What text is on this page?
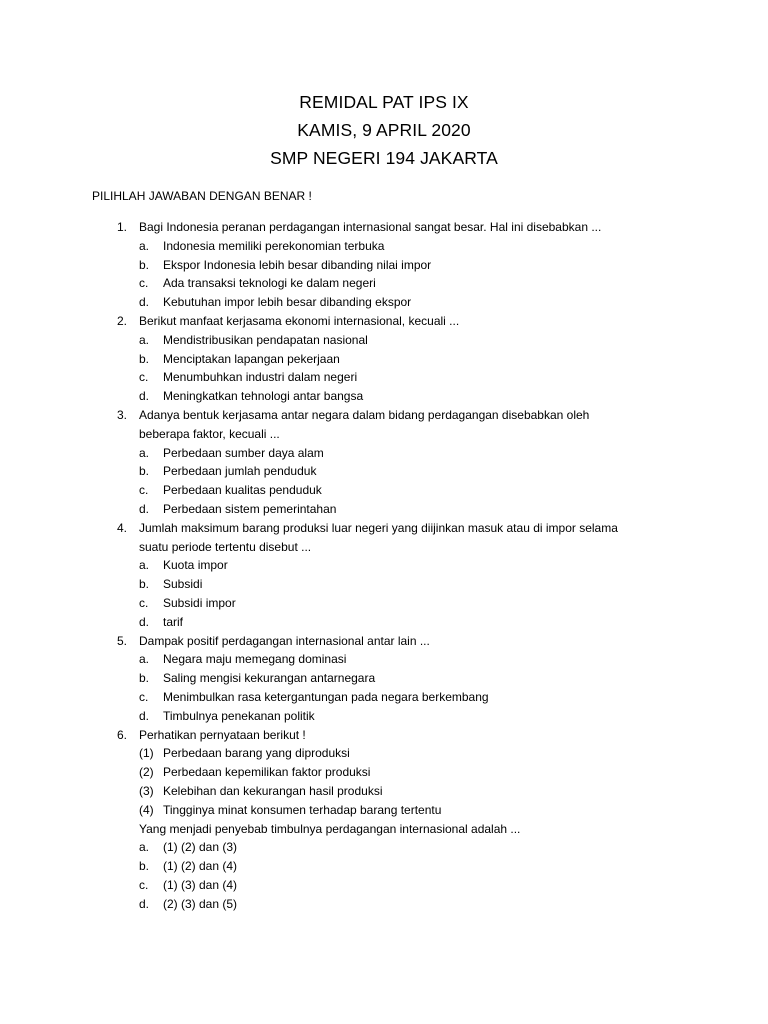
REMIDAL PAT IPS IX
KAMIS, 9 APRIL 2020
SMP NEGERI 194 JAKARTA
PILIHLAH JAWABAN DENGAN BENAR !
1. Bagi Indonesia peranan perdagangan internasional sangat besar. Hal ini disebabkan ...
a. Indonesia memiliki perekonomian terbuka
b. Ekspor Indonesia lebih besar dibanding nilai impor
c. Ada transaksi teknologi ke dalam negeri
d. Kebutuhan impor lebih besar dibanding ekspor
2. Berikut manfaat kerjasama ekonomi internasional, kecuali ...
a. Mendistribusikan pendapatan nasional
b. Menciptakan lapangan pekerjaan
c. Menumbuhkan industri dalam negeri
d. Meningkatkan tehnologi antar bangsa
3. Adanya bentuk kerjasama antar negara dalam bidang perdagangan disebabkan oleh
beberapa faktor, kecuali ...
a. Perbedaan sumber daya alam
b. Perbedaan jumlah penduduk
c. Perbedaan kualitas penduduk
d. Perbedaan sistem pemerintahan
4. Jumlah maksimum barang produksi luar negeri yang diijinkan masuk atau di impor selama
suatu periode tertentu disebut ...
a. Kuota impor
b. Subsidi
c. Subsidi impor
d. tarif
5. Dampak positif perdagangan internasional antar lain ...
a. Negara maju memegang dominasi
b. Saling mengisi kekurangan antarnegara
c. Menimbulkan rasa ketergantungan pada negara berkembang
d. Timbulnya penekanan politik
6. Perhatikan pernyataan berikut !
(1) Perbedaan barang yang diproduksi
(2) Perbedaan kepemilikan faktor produksi
(3) Kelebihan dan kekurangan hasil produksi
(4) Tingginya minat konsumen terhadap barang tertentu
Yang menjadi penyebab timbulnya perdagangan internasional adalah ...
a. (1) (2) dan (3)
b. (1) (2) dan (4)
c. (1) (3) dan (4)
d. (2) (3) dan (5)
